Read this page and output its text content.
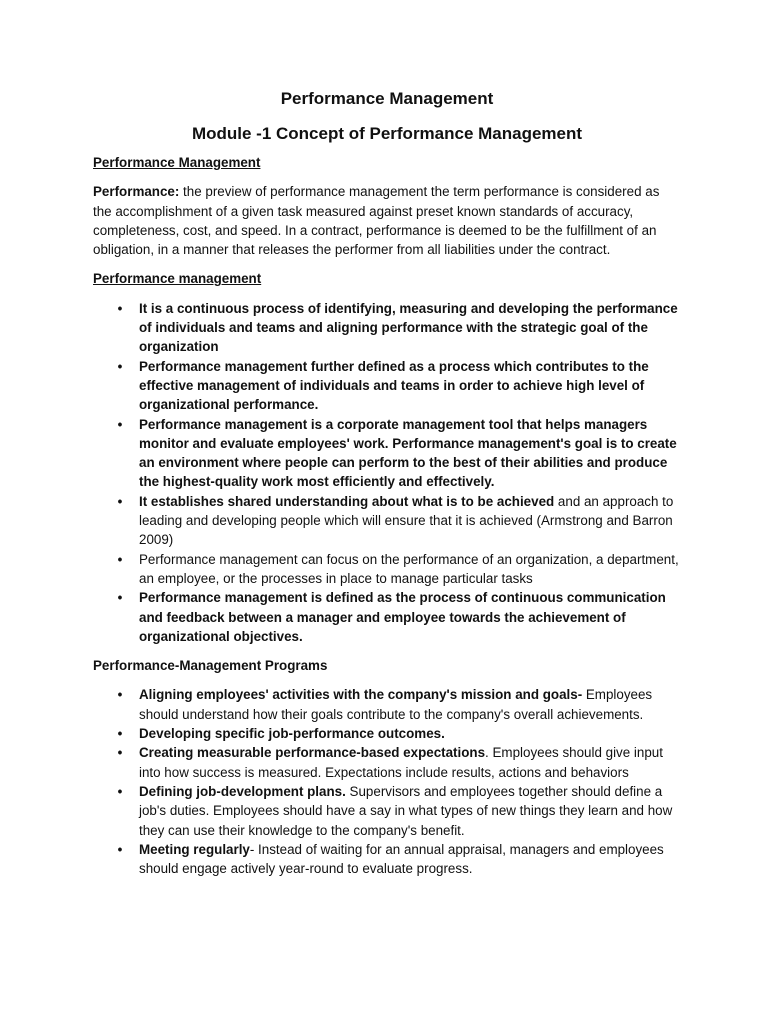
Performance Management
Module -1 Concept of Performance Management

Performance Management

Performance: the preview of performance management the term performance is considered as the accomplishment of a given task measured against preset known standards of accuracy, completeness, cost, and speed. In a contract, performance is deemed to be the fulfillment of an obligation, in a manner that releases the performer from all liabilities under the contract.

Performance management

• It is a continuous process of identifying, measuring and developing the performance of individuals and teams and aligning performance with the strategic goal of the organization
• Performance management further defined as a process which contributes to the effective management of individuals and teams in order to achieve high level of organizational performance.
• Performance management is a corporate management tool that helps managers monitor and evaluate employees' work. Performance management's goal is to create an environment where people can perform to the best of their abilities and produce the highest-quality work most efficiently and effectively.
• It establishes shared understanding about what is to be achieved and an approach to leading and developing people which will ensure that it is achieved (Armstrong and Barron 2009)
• Performance management can focus on the performance of an organization, a department, an employee, or the processes in place to manage particular tasks
• Performance management is defined as the process of continuous communication and feedback between a manager and employee towards the achievement of organizational objectives.

Performance-Management Programs

• Aligning employees' activities with the company's mission and goals- Employees should understand how their goals contribute to the company's overall achievements.
• Developing specific job-performance outcomes.
• Creating measurable performance-based expectations. Employees should give input into how success is measured. Expectations include results, actions and behaviors
• Defining job-development plans. Supervisors and employees together should define a job's duties. Employees should have a say in what types of new things they learn and how they can use their knowledge to the company's benefit.
• Meeting regularly- Instead of waiting for an annual appraisal, managers and employees should engage actively year-round to evaluate progress.
